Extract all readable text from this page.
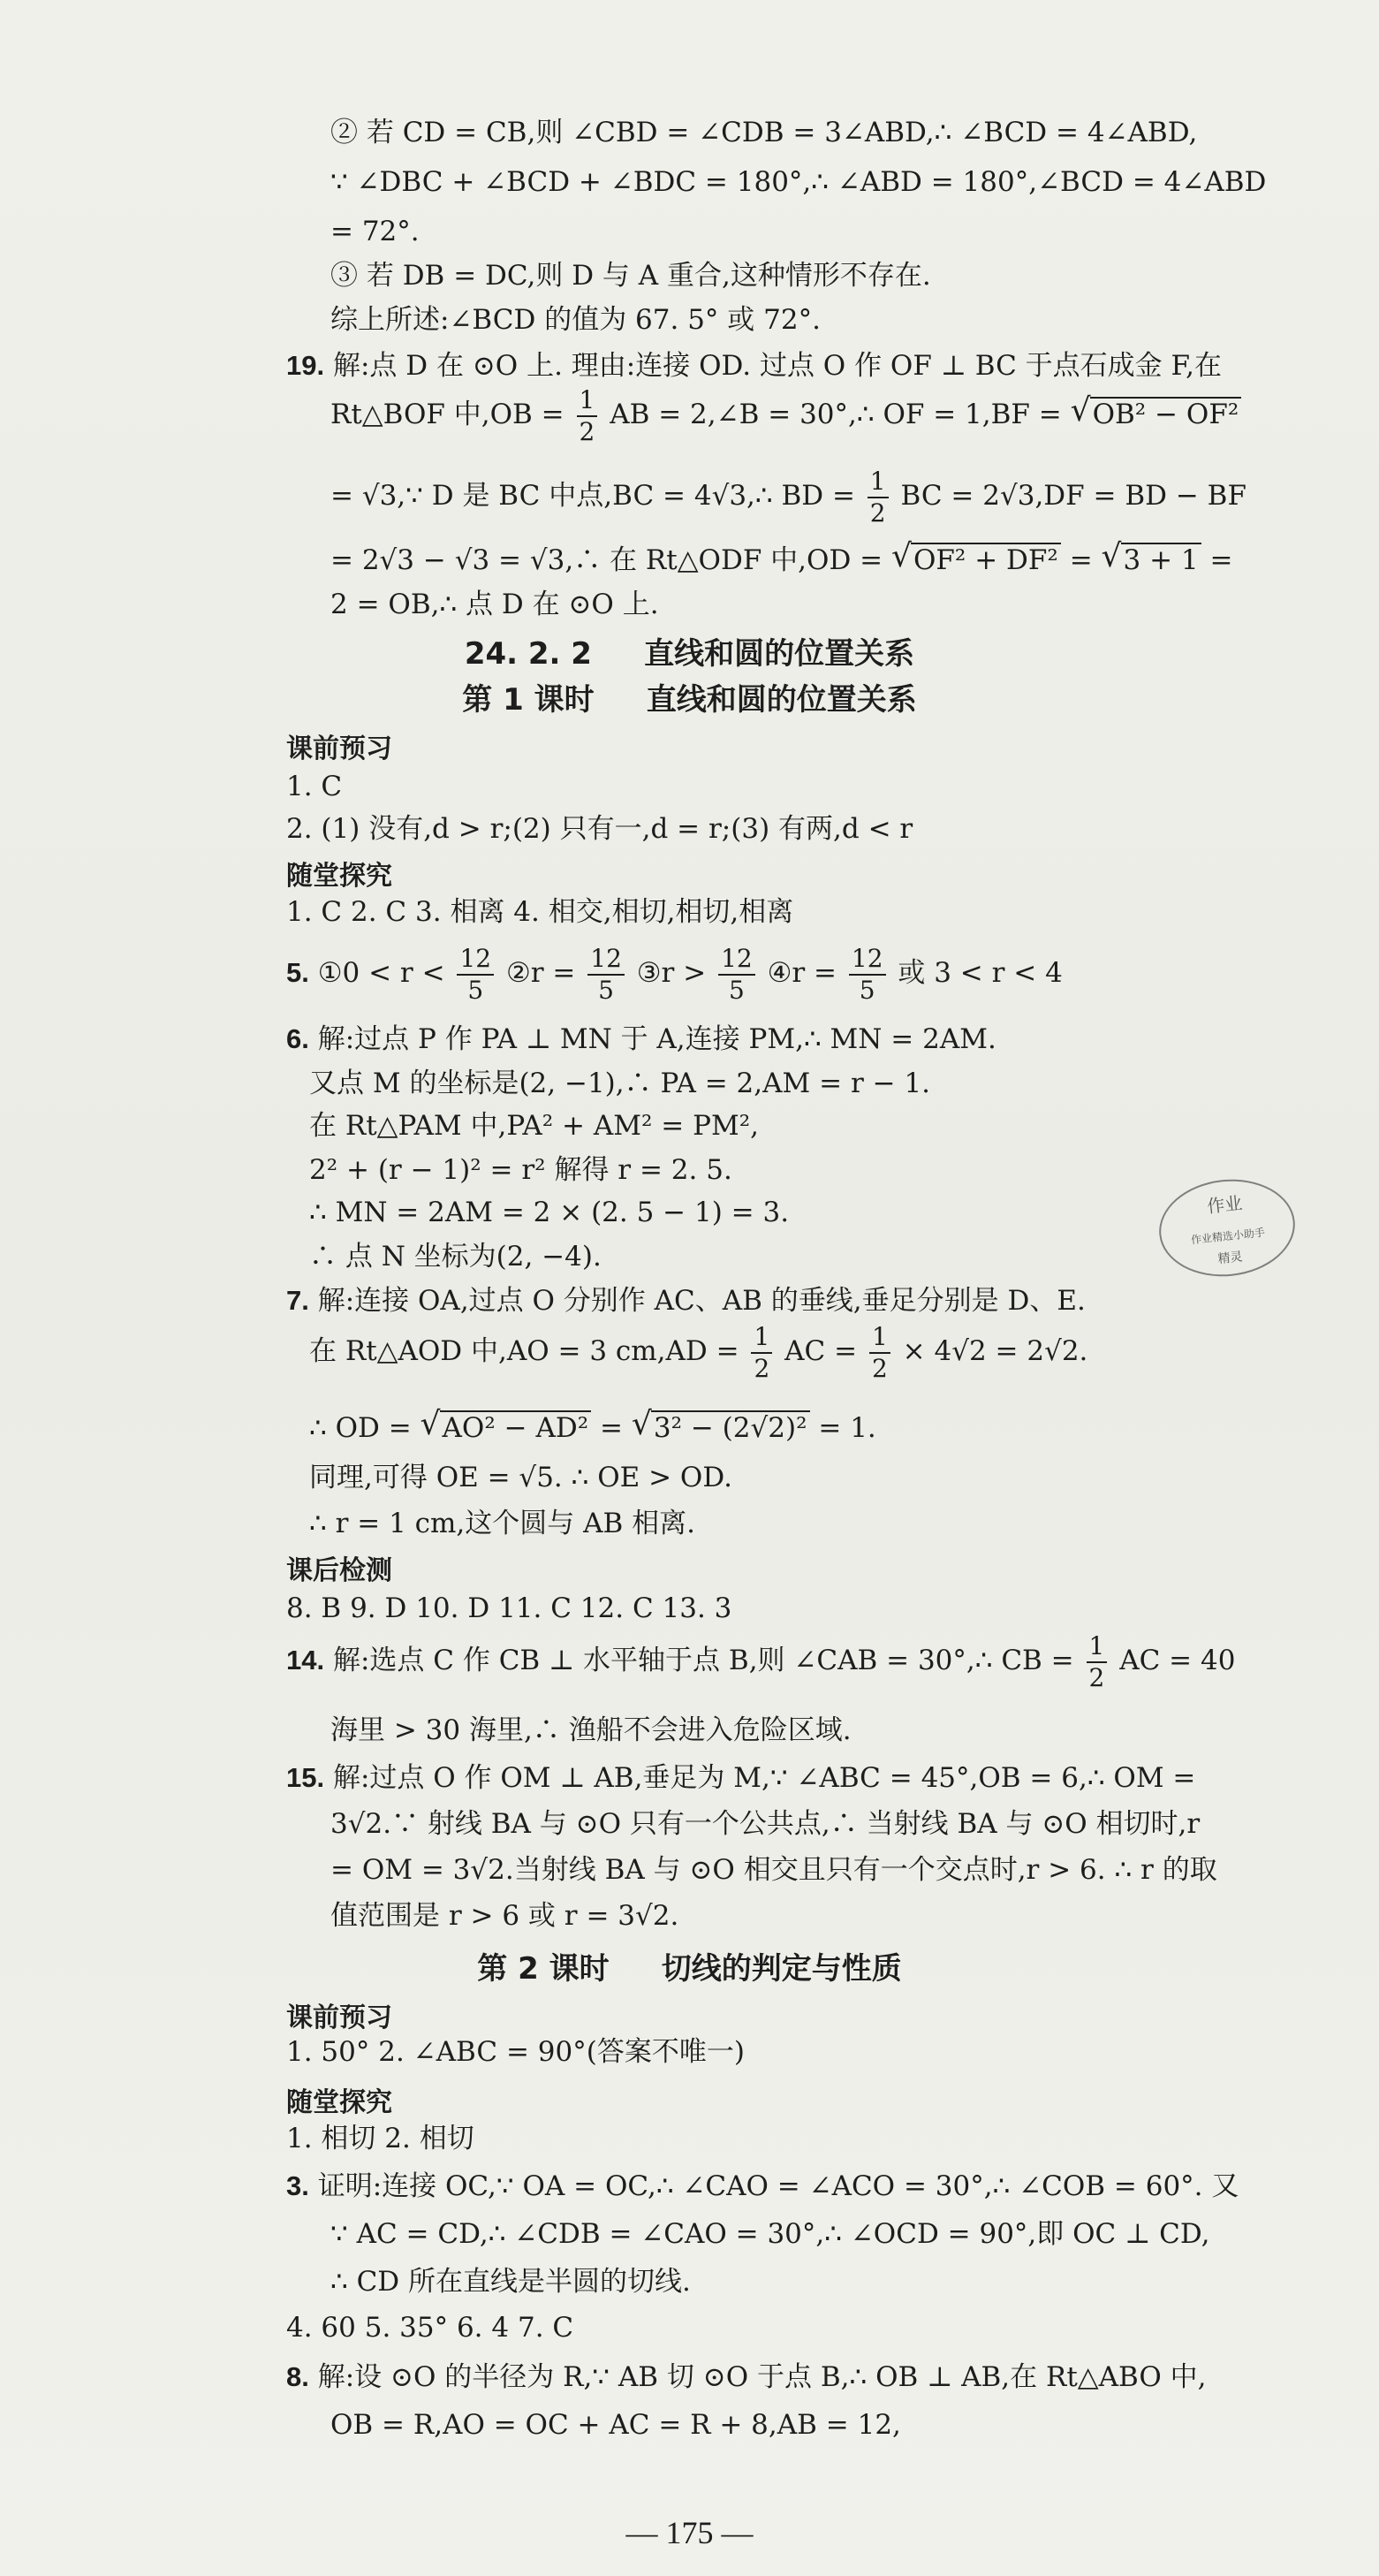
② 若 CD = CB,则 ∠CBD = ∠CDB = 3∠ABD,∴ ∠BCD = 4∠ABD,
∵ ∠DBC + ∠BCD + ∠BDC = 180°,∴ ∠ABD = 180°,∠BCD = 4∠ABD
= 72°.
③ 若 DB = DC,则 D 与 A 重合,这种情形不存在.
综上所述:∠BCD 的值为 67. 5° 或 72°.
19. 解:点 D 在 ⊙O 上. 理由:连接 OD. 过点 O 作 OF ⊥ BC 于点石成金 F,在
Rt△BOF 中$,OB = \frac{1}{2}$ AB = 2,∠B = 30°,∴ OF = 1,BF = √ OB² − OF²
= √3,∵ D 是 BC 中点,BC = 4√3,∴ BD = $\frac{1}{2}$ BC = 2√3,DF = BD − BF
= 2√3 − √3 = √3,∴ 在 Rt△ODF 中,OD = √ OF² + DF² = √ 3 + 1 =
2 = OB,∴ 点 D 在 ⊙O 上.
24. 2. 2     直线和圆的位置关系
第 1 课时     直线和圆的位置关系
课前预习
1. C
2. (1) 没有,d > r;(2) 只有一,d = r;(3) 有两,d < r
随堂探究
1. C 2. C 3. 相离 4. 相交,相切,相切,相离
5. ①0 < $r < \frac{12}{5}$ ②r = $\frac{12}{5}$ ③r > $\frac{12}{5}$ ④r = $\frac{12}{5}$ 或 3 < r < 4
6. 解:过点 P 作 PA ⊥ MN 于 A,连接 PM,∴ MN = 2AM.
又点 M 的坐标是(2, −1),∴ PA = 2,AM = r − 1.
在 Rt△PAM 中,PA² + AM² = PM²,
2² + (r − 1)² = r² 解得 r = 2. 5.
∴ MN = 2AM = 2 × (2. 5 − 1) = 3.
∴ 点 N 坐标为(2, −4).
作业
作业精选小助手
精灵
7. 解:连接 OA,过点 O 分别作 AC、AB 的垂线,垂足分别是 D、E.
在 Rt△AOD 中,AO = 3 $cm,AD = \frac{1}{2}$ AC = $\frac{1}{2} \times 4√2 = 2√2$.
∴ OD = √ AO² − AD² = √ 3² − (2√2)² = 1.
同理,可得 OE = √5. ∴ OE > OD.
∴ r = 1 cm,这个圆与 AB 相离.
课后检测
8. B 9. D 10. D 11. C 12. C 13. 3
14. 解:选点 C 作 CB ⊥ 水平轴于点 B,则 ∠CAB = 30°,∴ CB = $\frac{1}{2}$ AC = 40
海里 > 30 海里,∴ 渔船不会进入危险区域.
15. 解:过点 O 作 OM ⊥ AB,垂足为 M,∵ ∠ABC = 45°,OB = 6,∴ OM =
3√2.∵ 射线 BA 与 ⊙O 只有一个公共点,∴ 当射线 BA 与 ⊙O 相切时,r
= OM = 3√2.当射线 BA 与 ⊙O 相交且只有一个交点时,r > 6. ∴ r 的取
值范围是 r > 6 或 r = 3√2.
第 2 课时     切线的判定与性质
课前预习
1. 50° 2. ∠ABC = 90°(答案不唯一)
随堂探究
1. 相切 2. 相切
3. 证明:连接 OC,∵ OA = OC,∴ ∠CAO = ∠ACO = 30°,∴ ∠COB = 60°. 又
∵ AC = CD,∴ ∠CDB = ∠CAO = 30°,∴ ∠OCD = 90°,即 OC ⊥ CD,
∴ CD 所在直线是半圆的切线.
4. 60 5. 35° 6. 4 7. C
8. 解:设 ⊙O 的半径为 R,∵ AB 切 ⊙O 于点 B,∴ OB ⊥ AB,在 Rt△ABO 中,
OB = R,AO = OC + AC = R + 8,AB = 12,
— 175 —
